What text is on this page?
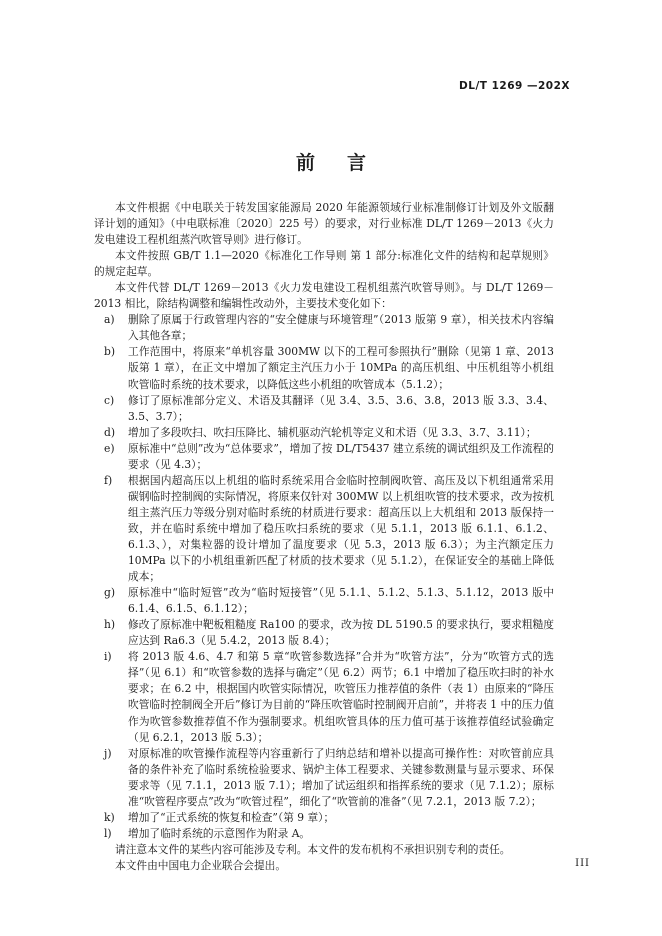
DL/T 1269 —202X
前言

本文件根据《中电联关于转发国家能源局 2020 年能源领域行业标准制修订计划及外文版翻译计划的通知》（中电联标准〔2020〕225 号）的要求，对行业标准 DL/T 1269－2013《火力发电建设工程机组蒸汽吹管导则》进行修订。

本文件按照 GB/T 1.1—2020《标准化工作导则 第 1 部分:标准化文件的结构和起草规则》的规定起草。

本文件代替 DL/T 1269－2013《火力发电建设工程机组蒸汽吹管导则》。与 DL/T 1269－2013 相比，除结构调整和编辑性改动外，主要技术变化如下：

a)	删除了原属于行政管理内容的“安全健康与环境管理”（2013 版第 9 章），相关技术内容编入其他各章；
b)	工作范围中，将原来“单机容量 300MW 以下的工程可参照执行”删除（见第 1 章、2013 版第 1 章），在正文中增加了额定主汽压力小于 10MPa 的高压机组、中压机组等小机组吹管临时系统的技术要求，以降低这些小机组的吹管成本（5.1.2）；
c)	修订了原标准部分定义、术语及其翻译（见 3.4、3.5、3.6、3.8，2013 版 3.3、3.4、3.5、3.7）；
d)	增加了多段吹扫、吹扫压降比、辅机驱动汽轮机等定义和术语（见 3.3、3.7、3.11）；
e)	原标准中“总则”改为“总体要求”，增加了按 DL/T5437 建立系统的调试组织及工作流程的要求（见 4.3）；
f)	根据国内超高压以上机组的临时系统采用合金临时控制阀吹管、高压及以下机组通常采用碳钢临时控制阀的实际情况，将原来仅针对 300MW 以上机组吹管的技术要求，改为按机组主蒸汽压力等级分别对临时系统的材质进行要求：超高压以上大机组和 2013 版保持一致，并在临时系统中增加了稳压吹扫系统的要求（见 5.1.1，2013 版 6.1.1、6.1.2、6.1.3、），对集粒器的设计增加了温度要求（见 5.3，2013 版 6.3）；为主汽额定压力 10MPa 以下的小机组重新匹配了材质的技术要求（见 5.1.2），在保证安全的基础上降低成本；
g)	原标准中“临时短管”改为“临时短接管”（见 5.1.1、5.1.2、5.1.3、5.1.12，2013 版中 6.1.4、6.1.5、6.1.12）；
h)	修改了原标准中靶板粗糙度 Ra100 的要求，改为按 DL 5190.5 的要求执行，要求粗糙度应达到 Ra6.3（见 5.4.2，2013 版 8.4）；
i)	将 2013 版 4.6、4.7 和第 5 章“吹管参数选择”合并为“吹管方法”，分为“吹管方式的选择”（见 6.1）和“吹管参数的选择与确定”（见 6.2）两节；6.1 中增加了稳压吹扫时的补水要求；在 6.2 中，根据国内吹管实际情况，吹管压力推荐值的条件（表 1）由原来的“降压吹管临时控制阀全开后”修订为目前的“降压吹管临时控制阀开启前”，并将表 1 中的压力值作为吹管参数推荐值不作为强制要求。机组吹管具体的压力值可基于该推荐值经试验确定（见 6.2.1，2013 版 5.3）；
j)	对原标准的吹管操作流程等内容重新行了归纳总结和增补以提高可操作性：对吹管前应具备的条件补充了临时系统检验要求、锅炉主体工程要求、关键参数测量与显示要求、环保要求等（见 7.1.1，2013 版 7.1）；增加了试运组织和指挥系统的要求（见 7.1.2）；原标准“吹管程序要点”改为“吹管过程”，细化了“吹管前的准备”（见 7.2.1，2013 版 7.2）；
k)	增加了“正式系统的恢复和检查”（第 9 章）；
l)	增加了临时系统的示意图作为附录 A。

请注意本文件的某些内容可能涉及专利。本文件的发布机构不承担识别专利的责任。

本文件由中国电力企业联合会提出。	III
